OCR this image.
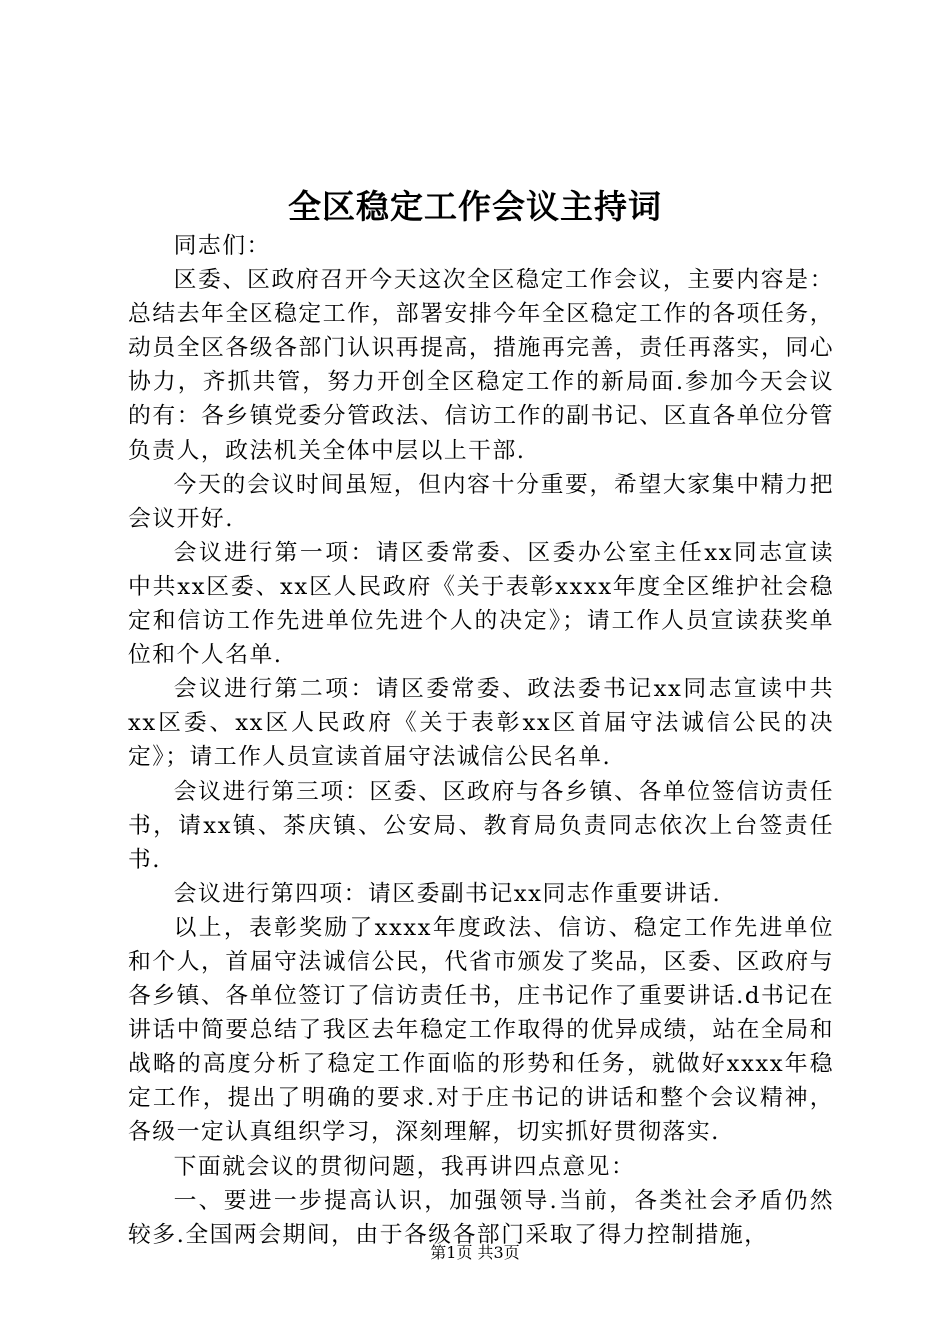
全区稳定工作会议主持词

同志们：

区委、区政府召开今天这次全区稳定工作会议，主要内容是：总结去年全区稳定工作，部署安排今年全区稳定工作的各项任务，动员全区各级各部门认识再提高，措施再完善，责任再落实，同心协力，齐抓共管，努力开创全区稳定工作的新局面.参加今天会议的有：各乡镇党委分管政法、信访工作的副书记、区直各单位分管负责人，政法机关全体中层以上干部.

今天的会议时间虽短，但内容十分重要，希望大家集中精力把会议开好.

会议进行第一项：请区委常委、区委办公室主任xx同志宣读中共xx区委、xx区人民政府《关于表彰xxxx年度全区维护社会稳定和信访工作先进单位先进个人的决定》；请工作人员宣读获奖单位和个人名单.

会议进行第二项：请区委常委、政法委书记xx同志宣读中共xx区委、xx区人民政府《关于表彰xx区首届守法诚信公民的决定》；请工作人员宣读首届守法诚信公民名单.

会议进行第三项：区委、区政府与各乡镇、各单位签信访责任书，请xx镇、茶庆镇、公安局、教育局负责同志依次上台签责任书.

会议进行第四项：请区委副书记xx同志作重要讲话.

以上，表彰奖励了xxxx年度政法、信访、稳定工作先进单位和个人，首届守法诚信公民，代省市颁发了奖品，区委、区政府与各乡镇、各单位签订了信访责任书，庄书记作了重要讲话.d书记在讲话中简要总结了我区去年稳定工作取得的优异成绩，站在全局和战略的高度分析了稳定工作面临的形势和任务，就做好xxxx年稳定工作，提出了明确的要求.对于庄书记的讲话和整个会议精神，各级一定认真组织学习，深刻理解，切实抓好贯彻落实.

下面就会议的贯彻问题，我再讲四点意见：

一、要进一步提高认识，加强领导.当前，各类社会矛盾仍然较多.全国两会期间，由于各级各部门采取了得力控制措施，

第1页 共3页
